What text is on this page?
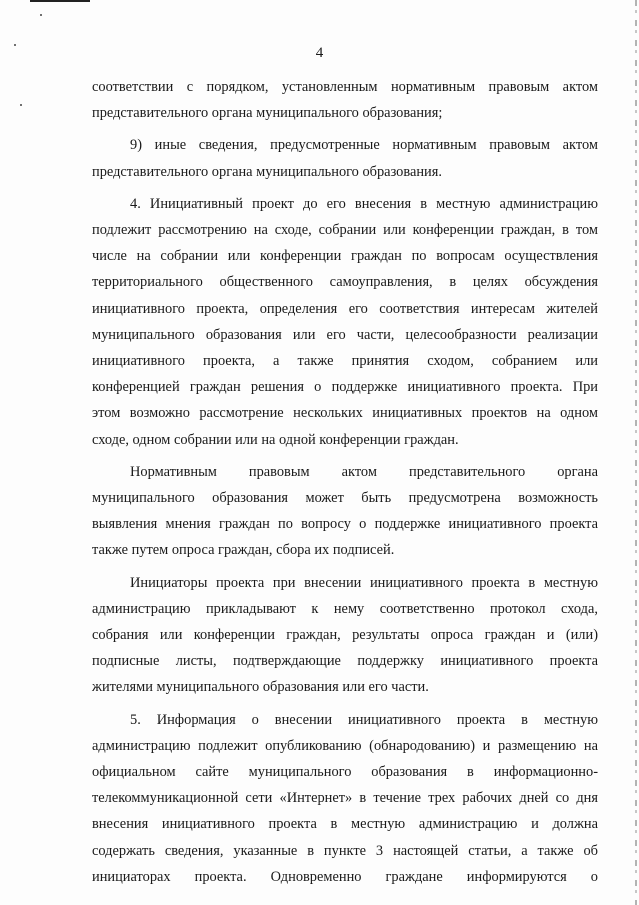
4
соответствии с порядком, установленным нормативным правовым актом
представительного органа муниципального образования;
9) иные сведения, предусмотренные нормативным правовым актом
представительного органа муниципального образования.
4. Инициативный проект до его внесения в местную администрацию
подлежит рассмотрению на сходе, собрании или конференции граждан, в том
числе на собрании или конференции граждан по вопросам осуществления
территориального общественного самоуправления, в целях обсуждения
инициативного проекта, определения его соответствия интересам жителей
муниципального образования или его части, целесообразности реализации
инициативного проекта, а также принятия сходом, собранием или
конференцией граждан решения о поддержке инициативного проекта. При
этом возможно рассмотрение нескольких инициативных проектов на одном
сходе, одном собрании или на одной конференции граждан.
Нормативным правовым актом представительного органа
муниципального образования может быть предусмотрена возможность
выявления мнения граждан по вопросу о поддержке инициативного проекта
также путем опроса граждан, сбора их подписей.
Инициаторы проекта при внесении инициативного проекта в местную
администрацию прикладывают к нему соответственно протокол схода,
собрания или конференции граждан, результаты опроса граждан и (или)
подписные листы, подтверждающие поддержку инициативного проекта
жителями муниципального образования или его части.
5. Информация о внесении инициативного проекта в местную
администрацию подлежит опубликованию (обнародованию) и размещению на
официальном сайте муниципального образования в информационно-
телекоммуникационной сети «Интернет» в течение трех рабочих дней со дня
внесения инициативного проекта в местную администрацию и должна
содержать сведения, указанные в пункте 3 настоящей статьи, а также об
инициаторах проекта. Одновременно граждане информируются о
